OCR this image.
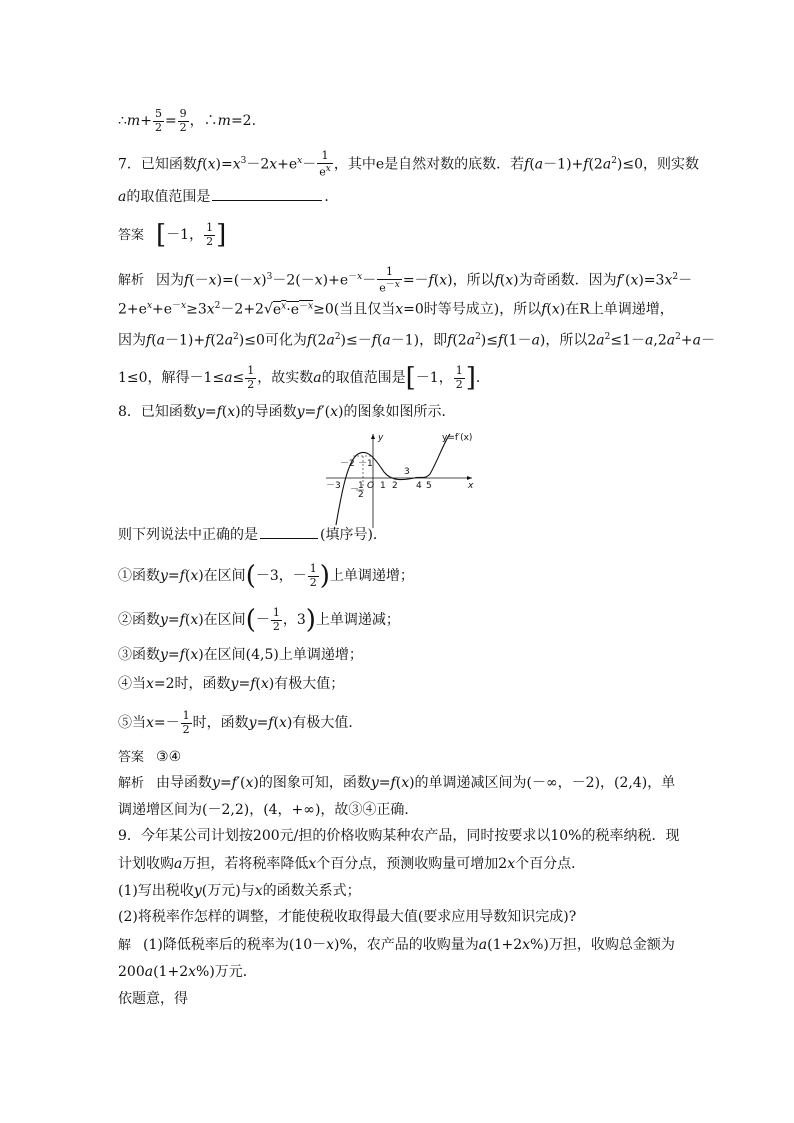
∴m+ $\frac{5}{2} = \frac{9}{2}$ ，∴m=2.
7．已知函数$f(x)=x^3-2x+e^x- \frac{1}{e^x}$ ，其中e是自然对数的底数．若$f(a-1)+f(2a^2)\le 0$，则实数
a的取值范围是	．
答案 [－1， $\frac{1}{2}$ ]
解析 因为$f(-x)=(-x)^3-2(-x)+e^{-x}- \frac{1}{e^{-x}} =-f(x)$，所以f(x)为奇函数．因为$f'(x)=3x^2-$
$2+e^x+e^{-x}\ge 3x^2-2+2√e^x\cdot e^{-x}\ge 0$(当且仅当x=0时等号成立)，所以f(x)在R上单调递增，
因为$f(a-1)+f(2a^2)\le 0$可化为$f(2a^2)\le-f(a-1)$，即$f(2a^2)\le f(1-a)$，所以$2a^2\le 1-a,2a^2+a-$
1≤0，解得$-1\le a\le \frac{1}{2}$ ，故实数a的取值范围是[－1， $\frac{1}{2}$ ].
8．已知函数y=f(x)的导函数y=f′(x)的图象如图所示．
y=f′(x)
y
x
O
－3
－2 －1
1 2 4 5
3
1
2
－
则下列说法中正确的是	(填序号)．
①函数y=f(x)在区间(－3，－ $\frac{1}{2}$ )上单调递增；
②函数y=f(x)在区间(－ $\frac{1}{2}$ ，3)上单调递减；
③函数y=f(x)在区间(4,5)上单调递增；
④当x=2时，函数y=f(x)有极大值；
⑤当$x=- \frac{1}{2}$ 时，函数y=f(x)有极大值．
答案 ③④
解析 由导函数y=f′(x)的图象可知，函数y=f(x)的单调递减区间为(－∞，－2)，(2,4)，单
调递增区间为(－2,2)，(4，+∞)，故③④正确．
9．今年某公司计划按200元/担的价格收购某种农产品，同时按要求以10%的税率纳税．现
计划收购a万担，若将税率降低x个百分点，预测收购量可增加2x个百分点．
(1)写出税收y(万元)与x的函数关系式；
(2)将税率作怎样的调整，才能使税收取得最大值(要求应用导数知识完成)?
解 (1)降低税率后的税率为(10－x)%，农产品的收购量为a(1+2x%)万担，收购总金额为
200a(1+2x%)万元．
依题意，得
